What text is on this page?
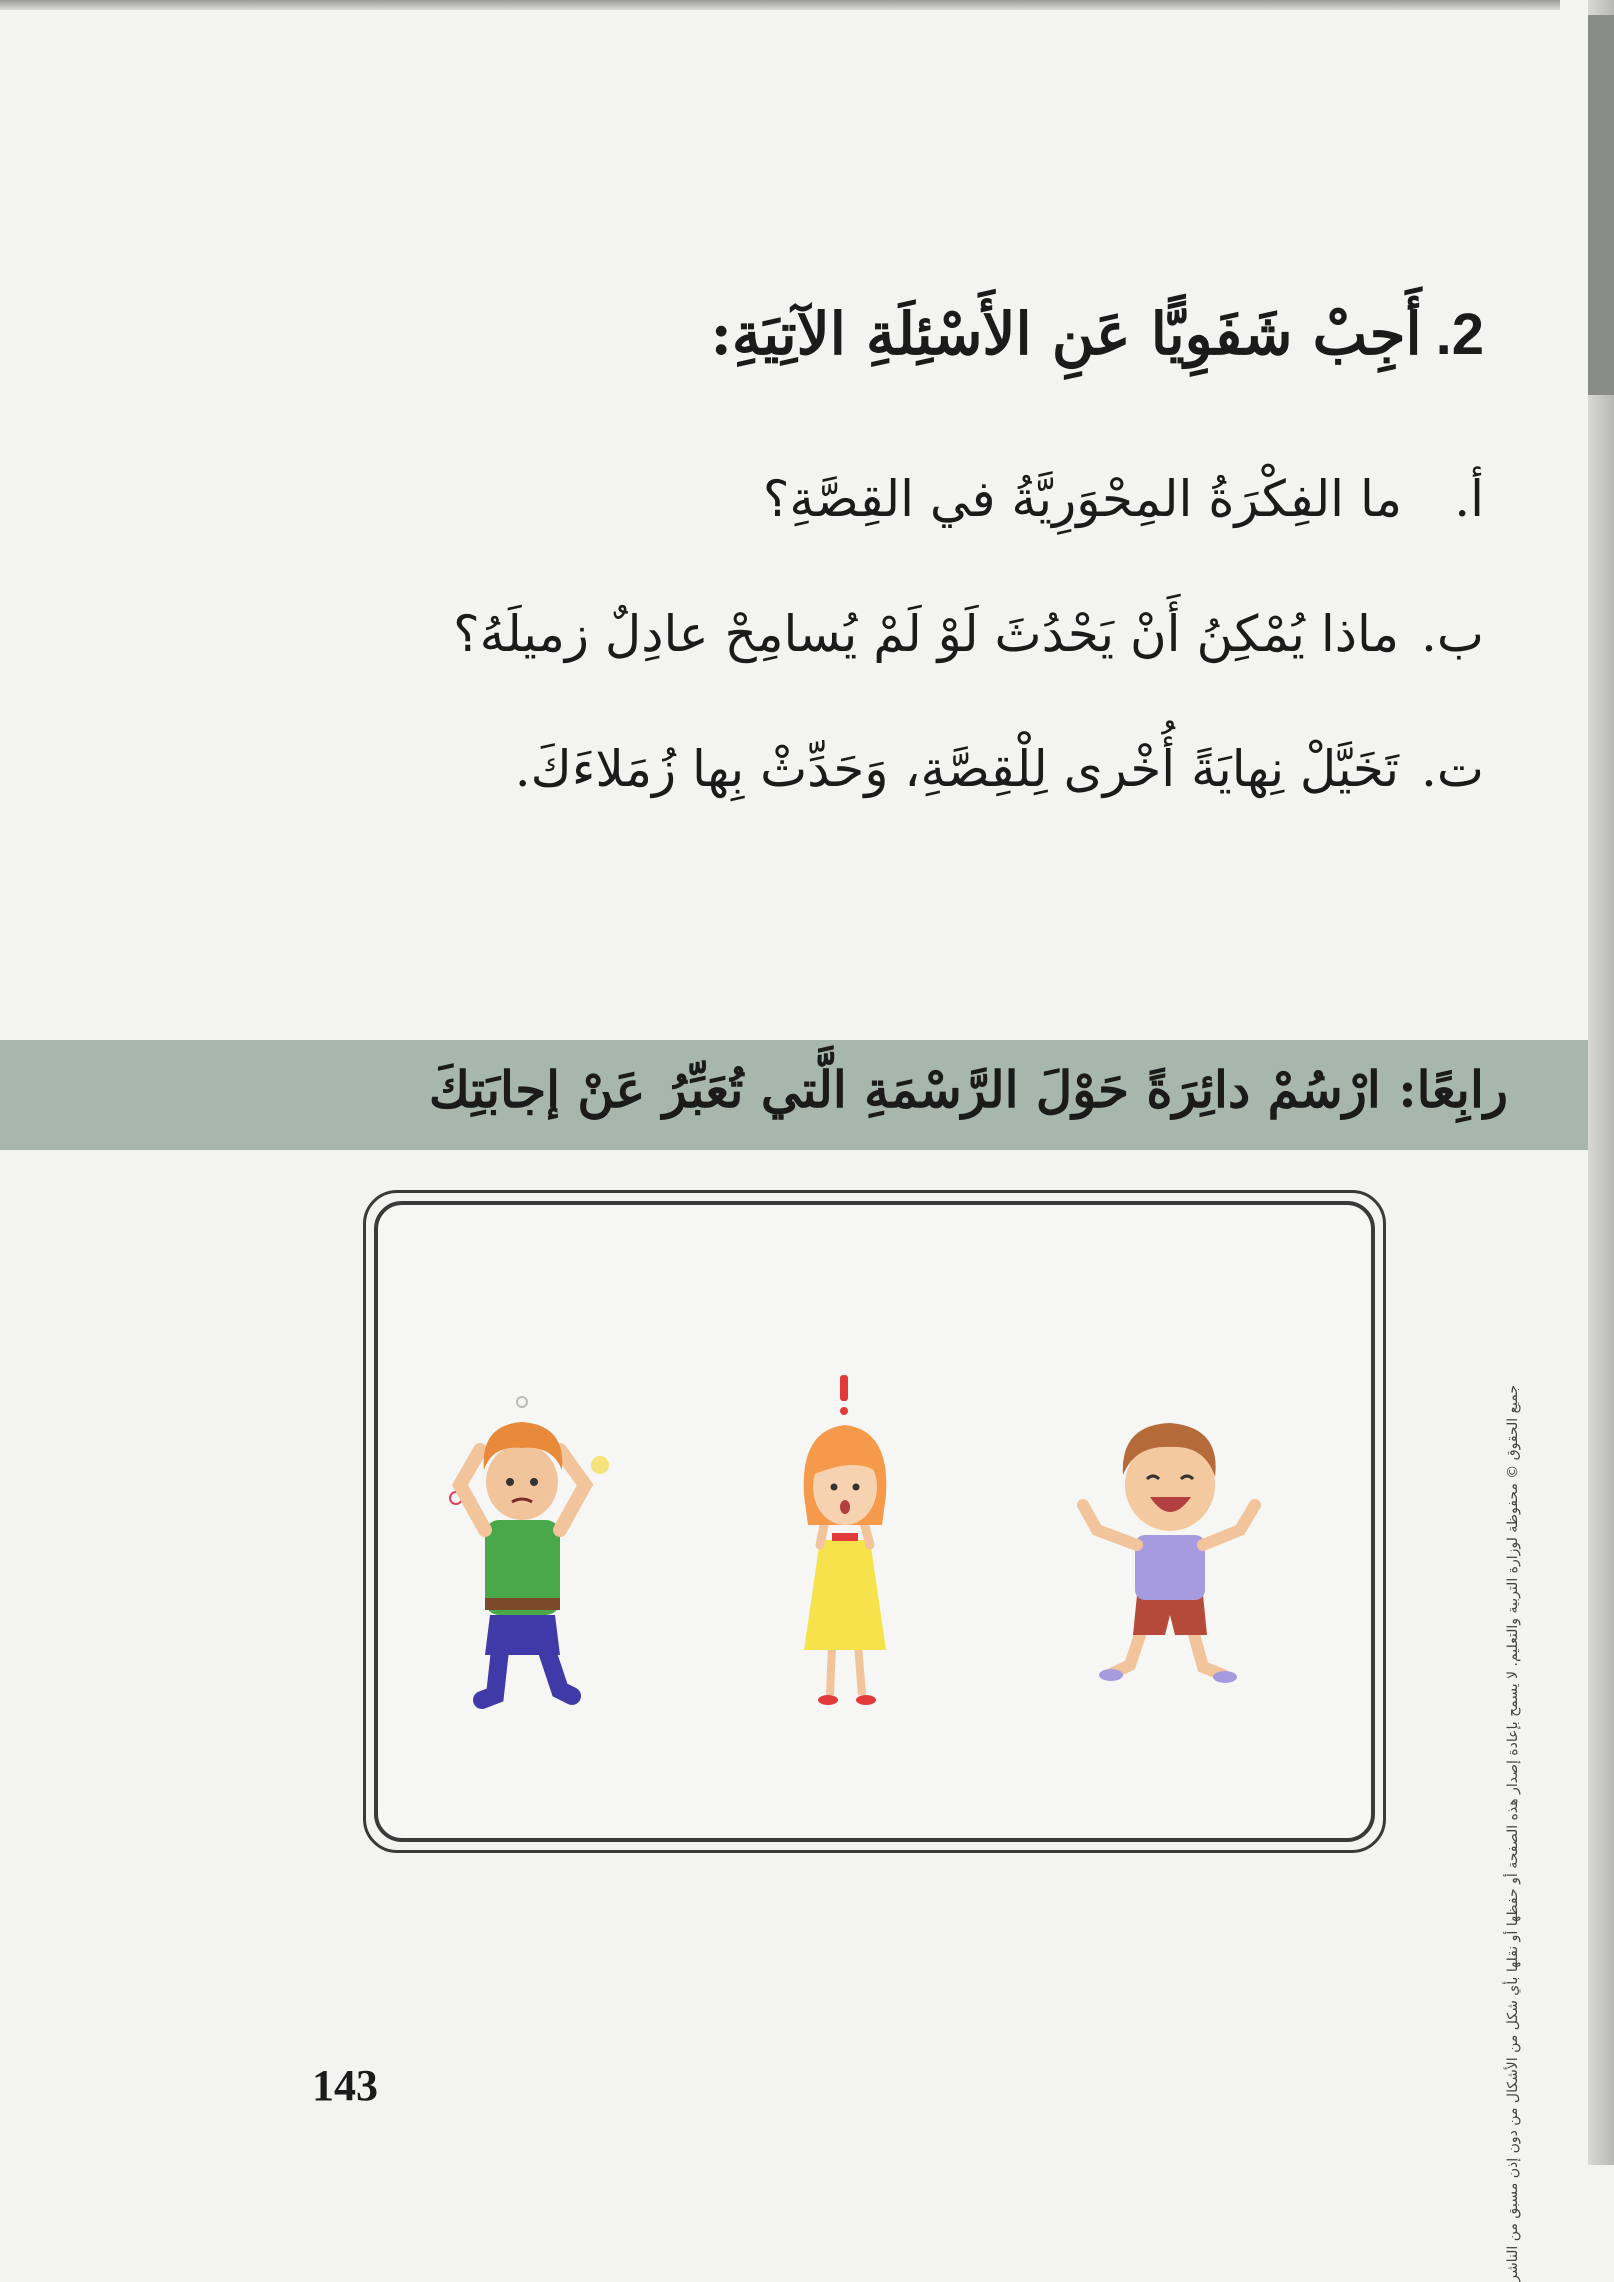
جميع الحقوق © محفوظة لوزارة التربية والتعليم. لا يسمح بإعادة إصدار هذه الصفحة أو حفظها أو نقلها بأي شكل من الأشكال من دون إذن مسبق من الناشر
2.أَجِبْ شَفَوِيًّا عَنِ الأَسْئِلَةِ الآتِيَةِ:
أ.ما الفِكْرَةُ المِحْوَرِيَّةُ في القِصَّةِ؟
ب.ماذا يُمْكِنُ أَنْ يَحْدُثَ لَوْ لَمْ يُسامِحْ عادِلٌ زميلَهُ؟
ت.تَخَيَّلْ نِهايَةً أُخْرى لِلْقِصَّةِ، وَحَدِّثْ بِها زُمَلاءَكَ.
رابِعًا: ارْسُمْ دائِرَةً حَوْلَ الرَّسْمَةِ الَّتي تُعَبِّرُ عَنْ إجابَتِكَ
143
